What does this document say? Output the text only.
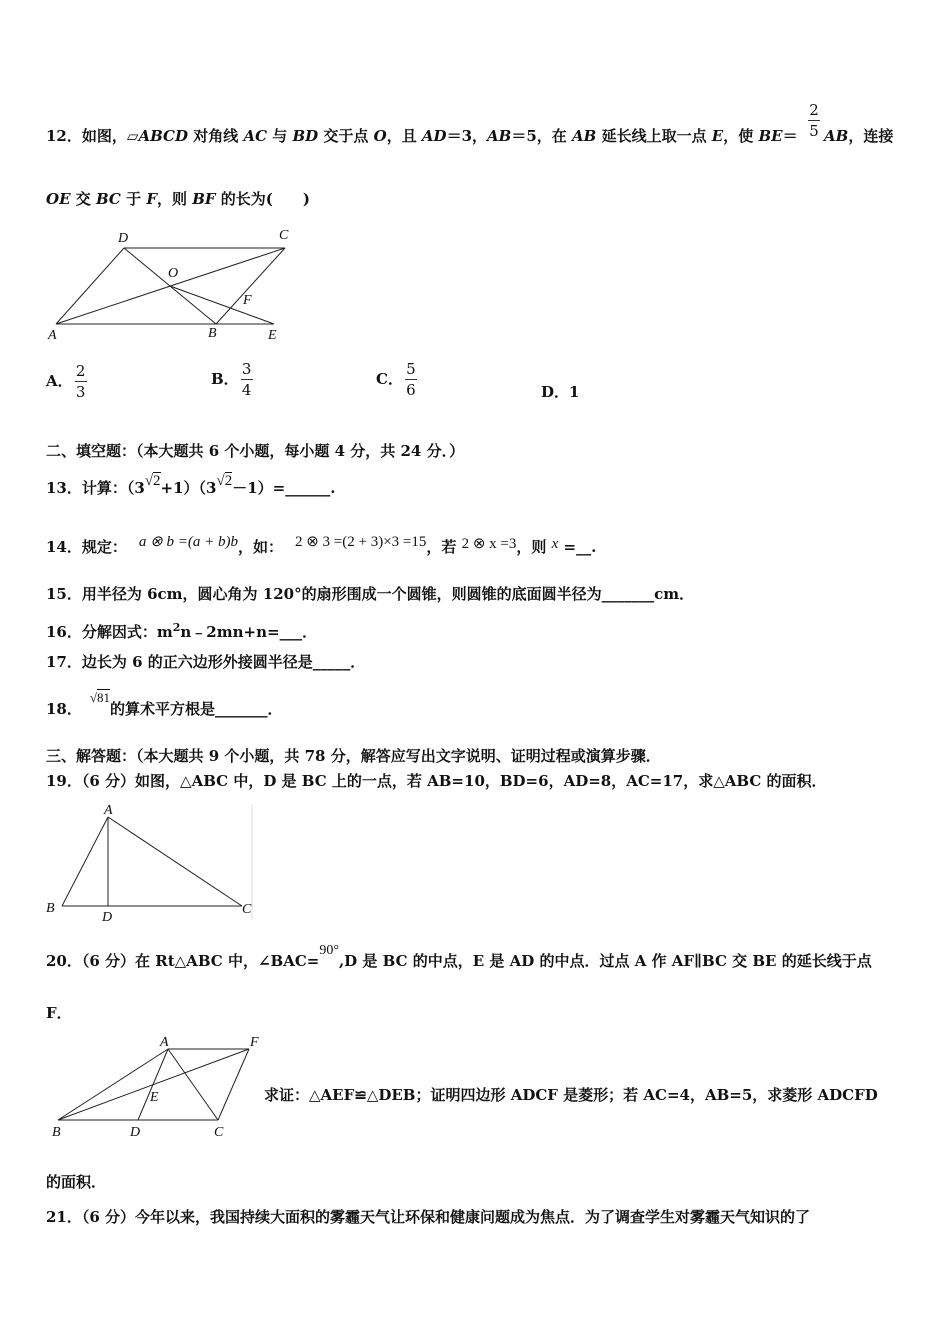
12．如图，▱ABCD 对角线 AC 与 BD 交于点 O，且 AD＝3，AB＝5，在 AB 延长线上取一点 E，使 BE＝
2
5 AB，连接
OE 交 BC 于 F，则 BF 的长为(　　)
D	C
O
F
A	B	E
A． $\frac{2}{3}$	B． $\frac{3}{4}$	C． $\frac{5}{6}$	D．1
二、填空题：（本大题共 6 个小题，每小题 4 分，共 24 分．）
13．计算：（3√2+1）（3√2－1）=______.
14．规定： a ⊗ b =(a + b)b，如： 2 ⊗ 3 =(2 + 3)×3 =15，若 2 ⊗ x =3，则 x =__.
15．用半径为 6cm，圆心角为 120°的扇形围成一个圆锥，则圆锥的底面圆半径为_______cm．
16．分解因式：$m^2n﹣2mn+n=\_\_\_$．
17．边长为 6 的正六边形外接圆半径是_____．
18．√81的算术平方根是_______．
三、解答题：（本大题共 9 个小题，共 78 分，解答应写出文字说明、证明过程或演算步骤．
19．（6 分）如图，△ABC 中，D 是 BC 上的一点，若 AB=10，BD=6，AD=8，AC=17，求△ABC 的面积．
A
B
D
C
20．（6 分）在 Rt△ABC 中，∠BAC=90°,D 是 BC 的中点，E 是 AD 的中点．过点 A 作 AF∥BC 交 BE 的延长线于点
F．
A	F
E
B	D	C
求证：△AEF≌△DEB；证明四边形 ADCF 是菱形；若 AC=4，AB=5，求菱形 ADCFD
的面积．
21．（6 分）今年以来，我国持续大面积的雾霾天气让环保和健康问题成为焦点．为了调查学生对雾霾天气知识的了
